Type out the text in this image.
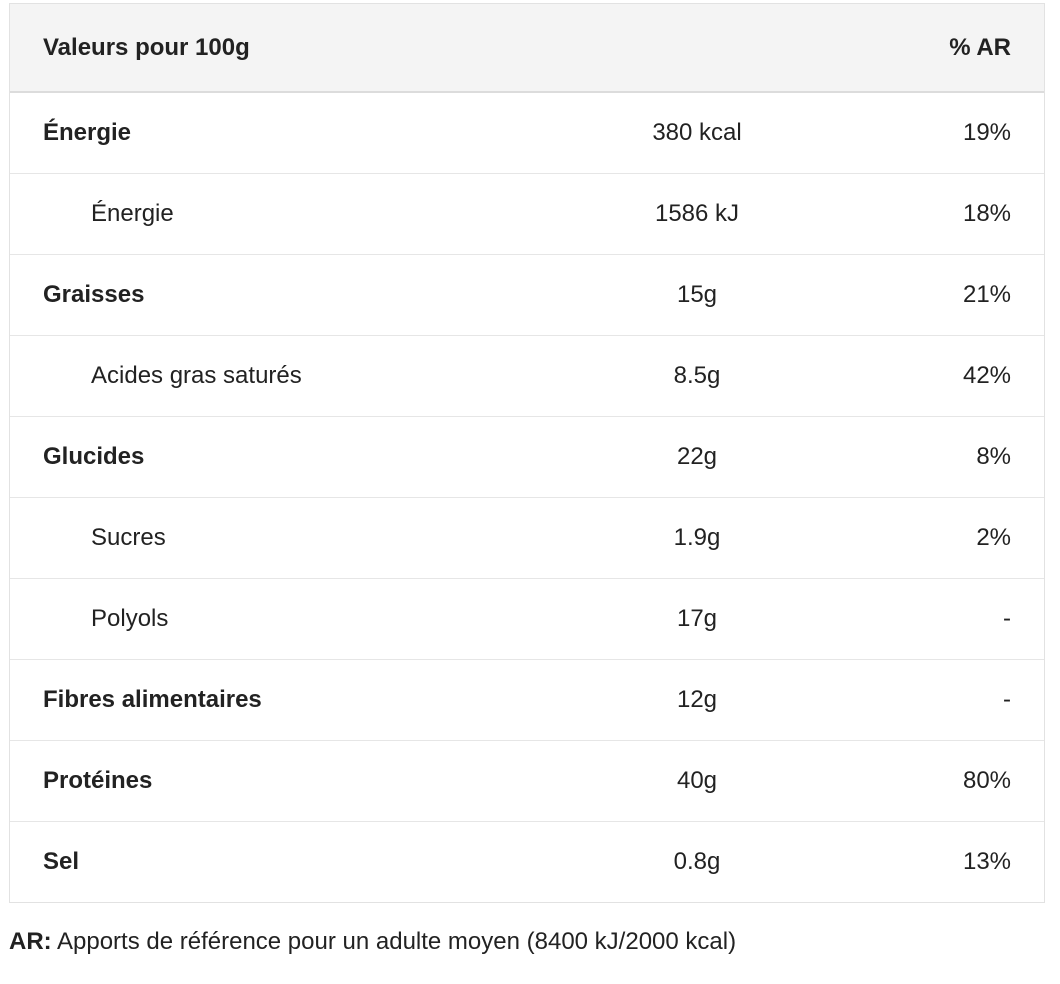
Valeurs pour 100g		% AR
Énergie	380 kcal	19%
Énergie	1586 kJ	18%
Graisses	15g	21%
Acides gras saturés	8.5g	42%
Glucides	22g	8%
Sucres	1.9g	2%
Polyols	17g	-
Fibres alimentaires	12g	-
Protéines	40g	80%
Sel	0.8g	13%
AR: Apports de référence pour un adulte moyen (8400 kJ/2000 kcal)
